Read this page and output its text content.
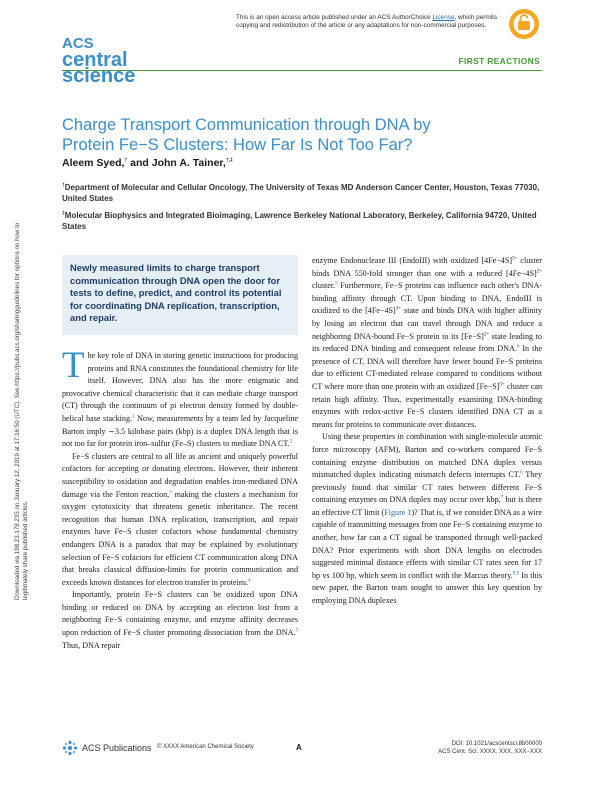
This is an open access article published under an ACS AuthorChoice License, which permits copying and redistribution of the article or any adaptations for non-commercial purposes.
ACS
central
science
FIRST REACTIONS
Charge Transport Communication through DNA by Protein Fe−S Clusters: How Far Is Not Too Far?
Aleem Syed,† and John A. Tainer,†,‡
†Department of Molecular and Cellular Oncology, The University of Texas MD Anderson Cancer Center, Houston, Texas 77030, United States
‡Molecular Biophysics and Integrated Bioimaging, Lawrence Berkeley National Laboratory, Berkeley, California 94720, United States
Downloaded via 198.23.178.235 on January 12, 2019 at 17:16:50 (UTC). See https://pubs.acs.org/sharingguidelines for options on how to legitimately share published articles.

Newly measured limits to charge transport communication through DNA open the door for tests to define, predict, and control its potential for coordinating DNA replication, transcription, and repair.

The key role of DNA in storing genetic instructions for producing proteins and RNA constitutes the foundational chemistry for life itself. However, DNA also has the more enigmatic and provocative chemical characteristic that it can mediate charge transport (CT) through the continuum of pi electron density formed by double-helical base stacking.$^1$ Now, measurements by a team led by Jacqueline Barton imply ∼3.5 kilobase pairs (kbp) is a duplex DNA length that is not too far for protein iron–sulfur (Fe–S) clusters to mediate DNA CT.$^2$

Fe−S clusters are central to all life as ancient and uniquely powerful cofactors for accepting or donating electrons. However, their inherent susceptibility to oxidation and degradation enables iron-mediated DNA damage via the Fenton reaction,$^3$ making the clusters a mechanism for oxygen cytotoxicity that threatens genetic inheritance. The recent recognition that human DNA replication, transcription, and repair enzymes have Fe−S cluster cofactors whose fundamental chemistry endangers DNA is a paradox that may be explained by evolutionary selection of Fe−S cofactors for efficient CT communication along DNA that breaks classical diffusion-limits for protein communication and exceeds known distances for electron transfer in proteins.$^4$

Importantly, protein Fe−S clusters can be oxidized upon DNA binding or reduced on DNA by accepting an electron lost from a neighboring Fe−S containing enzyme, and enzyme affinity decreases upon reduction of Fe−S cluster promoting dissociation from the DNA.$^5$ Thus, DNA repair

enzyme Endonuclease III (EndoIII) with oxidized $[4Fe-4S]^{3+}$ cluster binds DNA 550-fold stronger than one with a reduced $[4Fe-4S]^{2+}$ cluster.$^5$ Furthermore, Fe−S proteins can influence each other's DNA-binding affinity through CT. Upon binding to DNA, EndoIII is oxidized to the $[4Fe-4S]^{3+}$ state and binds DNA with higher affinity by losing an electron that can travel through DNA and reduce a neighboring DNA-bound Fe−S protein to its $[Fe-S]^{2+}$ state leading to its reduced DNA binding and consequent release from DNA.$^6$ In the presence of CT, DNA will therefore have fewer bound Fe−S proteins due to efficient CT-mediated release compared to conditions without CT where more than one protein with an oxidized $[Fe-S]^{3+}$ cluster can retain high affinity. Thus, experimentally examining DNA-binding enzymes with redox-active Fe−S clusters identified DNA CT as a means for proteins to communicate over distances.

Using these properties in combination with single-molecule atomic force microscopy (AFM), Barton and co-workers compared Fe−S containing enzyme distribution on matched DNA duplex versus mismatched duplex indicating mismatch defects interrupts CT.$^6$ They previously found that similar CT rates between different Fe−S containing enzymes on DNA duplex may occur over kbp,$^7$ but is there an effective CT limit (Figure 1)? That is, if we consider DNA as a wire capable of transmitting messages from one Fe−S containing enzyme to another, how far can a CT signal be transported through well-packed DNA? Prior experiments with short DNA lengths on electrodes suggested minimal distance effects with similar CT rates seen for 17 bp vs 100 bp, which seem in conflict with the Marcus theory.$^{8,9}$ In this new paper, the Barton team sought to answer this key question by employing DNA duplexes

ACS Publications © XXXX American Chemical Society	A	DOI: 10.1021/acscentsci.8b00000
ACS Cent. Sci. XXXX, XXX, XXX−XXX
